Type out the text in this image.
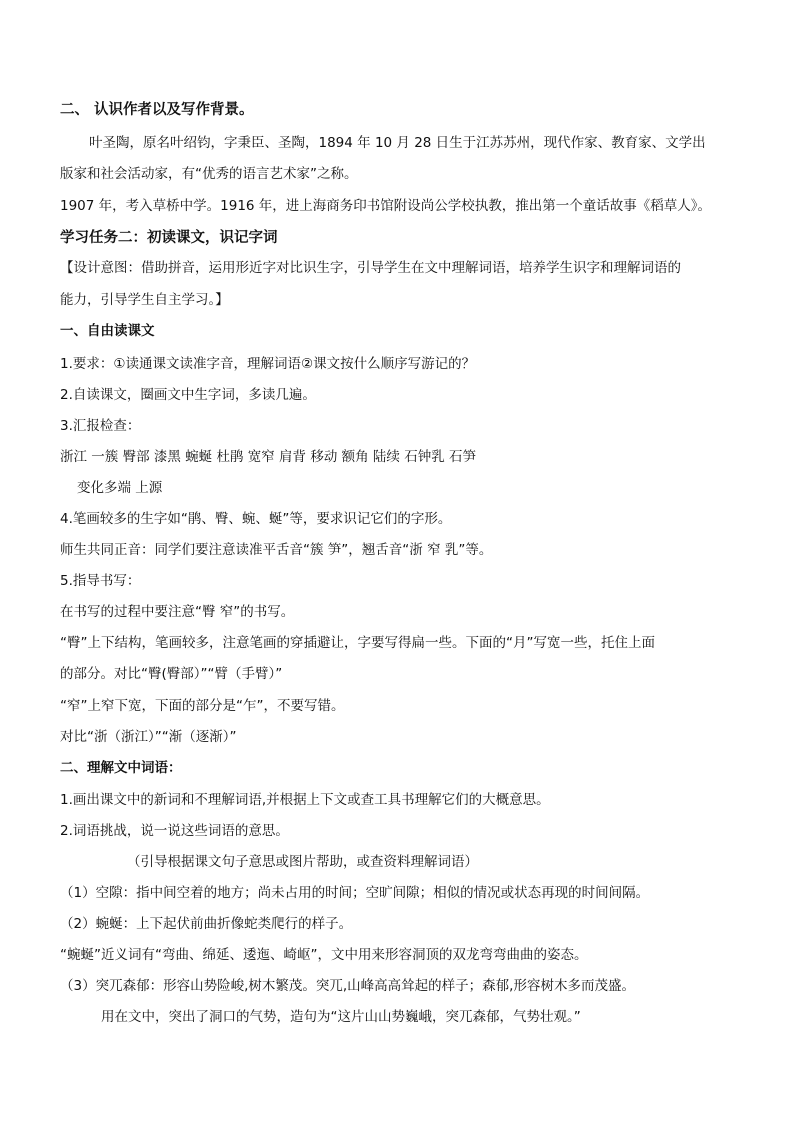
二、 认识作者以及写作背景。
叶圣陶，原名叶绍钧，字秉臣、圣陶，1894 年 10 月 28 日生于江苏苏州，现代作家、教育家、文学出
版家和社会活动家，有“优秀的语言艺术家”之称。
1907 年，考入草桥中学。1916 年，进上海商务印书馆附设尚公学校执教，推出第一个童话故事《稻草人》。
学习任务二：初读课文，识记字词
【设计意图：借助拼音，运用形近字对比识生字，引导学生在文中理解词语，培养学生识字和理解词语的
能力，引导学生自主学习。】
一、自由读课文
1.要求：①读通课文读准字音，理解词语②课文按什么顺序写游记的？
2.自读课文，圈画文中生字词，多读几遍。
3.汇报检查：
浙江 一簇 臀部 漆黑 蜿蜒 杜鹃 宽窄 肩背 移动 额角 陆续 石钟乳 石笋
变化多端 上源
4.笔画较多的生字如“鹃、臀、蜿、蜒”等，要求识记它们的字形。
师生共同正音：同学们要注意读准平舌音“簇 笋”，翘舌音“浙 窄 乳”等。
5.指导书写：
在书写的过程中要注意“臀 窄”的书写。
“臀”上下结构，笔画较多，注意笔画的穿插避让，字要写得扁一些。下面的“月”写宽一些，托住上面
的部分。对比“臀(臀部）”“臂（手臂）”
“窄”上窄下宽，下面的部分是“乍”，不要写错。
对比“浙（浙江）”“渐（逐渐）”
二、理解文中词语：
1.画出课文中的新词和不理解词语,并根据上下文或查工具书理解它们的大概意思。
2.词语挑战，说一说这些词语的意思。
（引导根据课文句子意思或图片帮助，或查资料理解词语）
（1）空隙：指中间空着的地方；尚未占用的时间；空旷间隙；相似的情况或状态再现的时间间隔。
（2）蜿蜒：上下起伏前曲折像蛇类爬行的样子。
“蜿蜒”近义词有“弯曲、绵延、逶迤、崎岖”，文中用来形容洞顶的双龙弯弯曲曲的姿态。
（3）突兀森郁：形容山势险峻,树木繁茂。突兀,山峰高高耸起的样子；森郁,形容树木多而茂盛。
用在文中，突出了洞口的气势，造句为“这片山山势巍峨，突兀森郁，气势壮观。”
